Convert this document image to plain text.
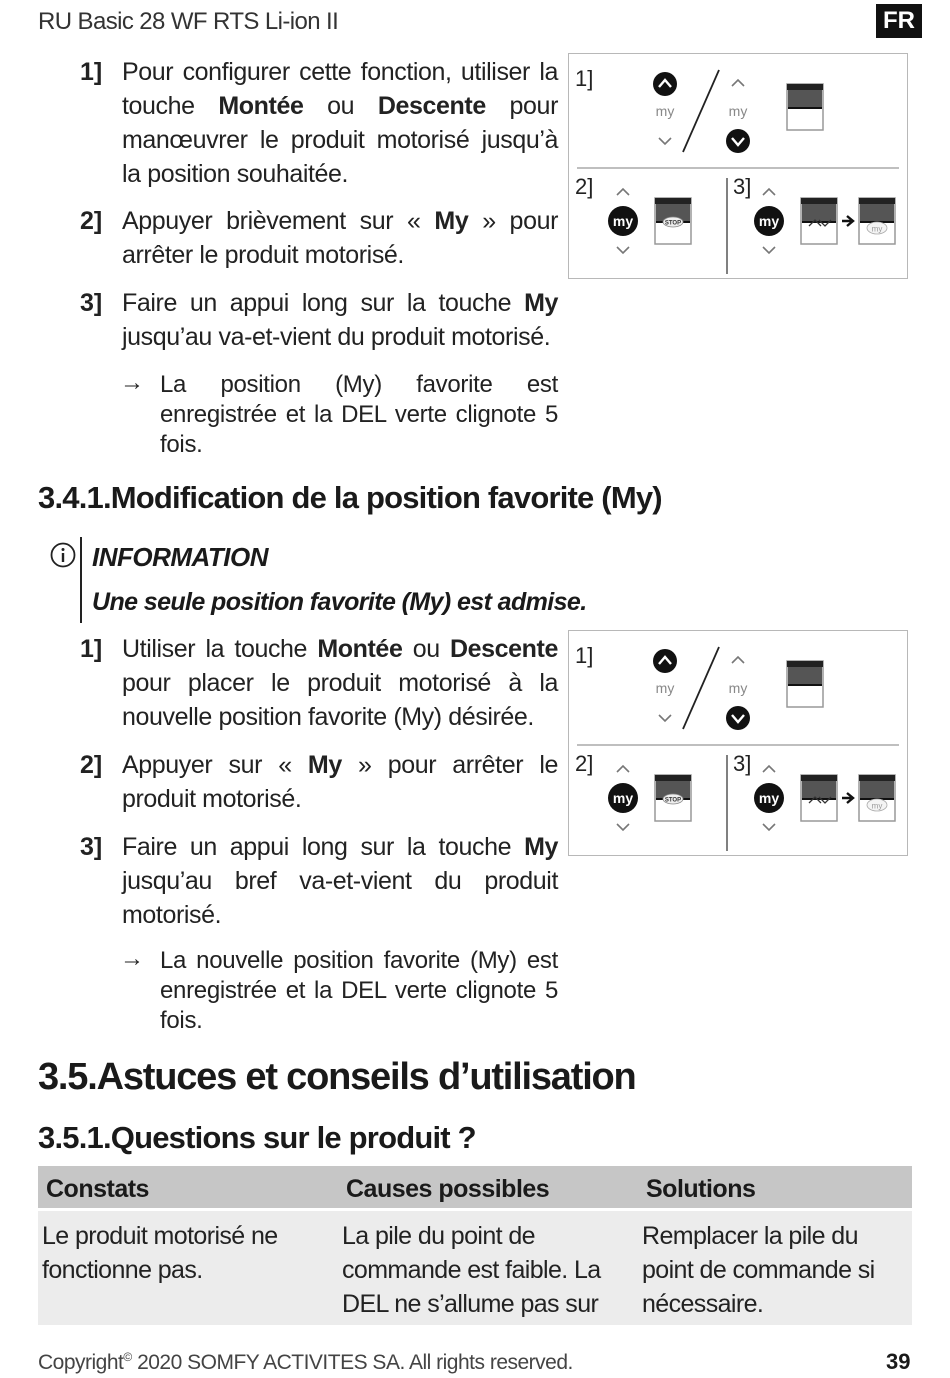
RU Basic 28 WF RTS Li-ion II	FR
1] Pour configurer cette fonction, utiliser la touche Montée ou Descente pour manœuvrer le produit motorisé jusqu’à la position souhaitée.
2] Appuyer brièvement sur « My » pour arrêter le produit motorisé.
3] Faire un appui long sur la touche My jusqu’au va-et-vient du produit motorisé.
→ La position (My) favorite est enregistrée et la DEL verte clignote 5 fois.
1]
2]	3]
my	my
my	STOP	my	my
3.4.1.Modification de la position favorite (My)
INFORMATION
Une seule position favorite (My) est admise.
1] Utiliser la touche Montée ou Descente pour placer le produit motorisé à la nouvelle position favorite (My) désirée.
2] Appuyer sur « My » pour arrêter le produit motorisé.
3] Faire un appui long sur la touche My jusqu’au bref va-et-vient du produit motorisé.
→ La nouvelle position favorite (My) est enregistrée et la DEL verte clignote 5 fois.
1]
2]	3]
my	my
my	STOP	my	my
3.5.Astuces et conseils d’utilisation
3.5.1.Questions sur le produit ?
Constats	Causes possibles	Solutions
Le produit motorisé ne fonctionne pas.	La pile du point de commande est faible. La DEL ne s’allume pas sur	Remplacer la pile du point de commande si nécessaire.
Copyright© 2020 SOMFY ACTIVITES SA. All rights reserved.	39
